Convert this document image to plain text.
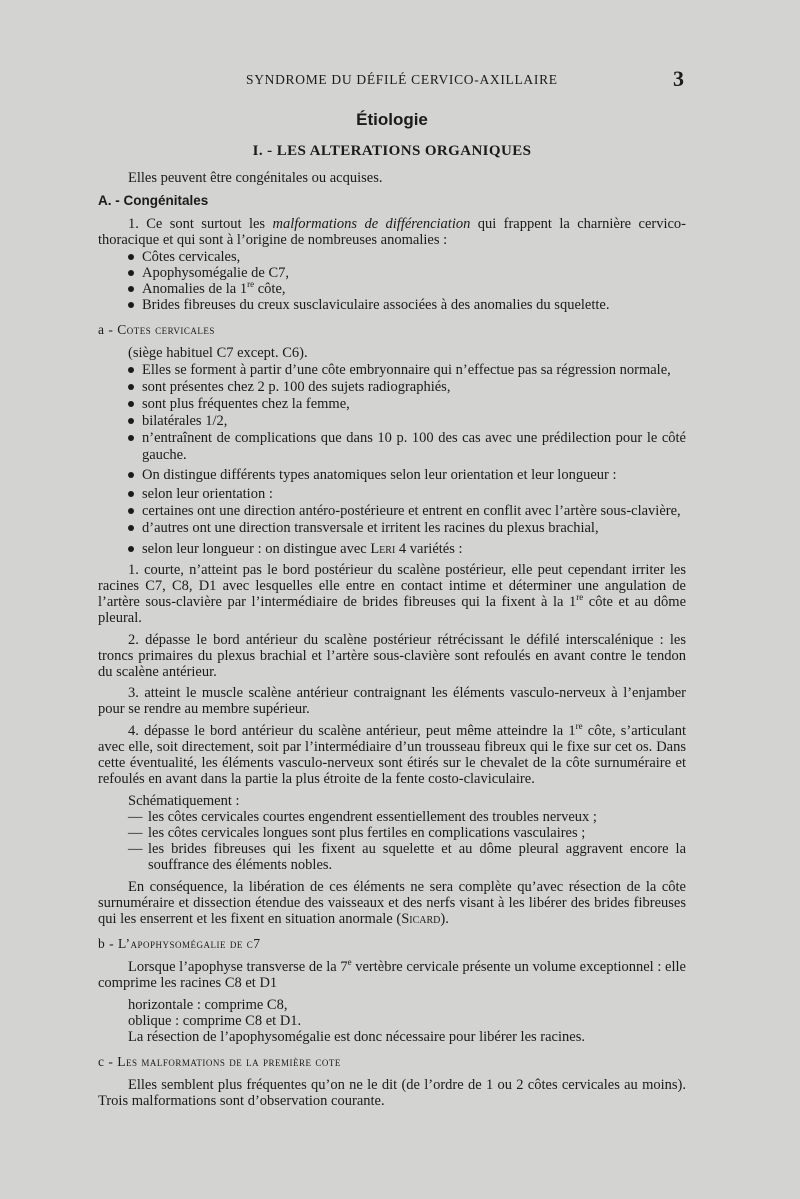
SYNDROME DU DÉFILÉ CERVICO-AXILLAIRE	3
Étiologie
I. - LES ALTERATIONS ORGANIQUES

Elles peuvent être congénitales ou acquises.

A. - Congénitales

1. Ce sont surtout les malformations de différenciation qui frappent la charnière cervico-thoracique et qui sont à l’origine de nombreuses anomalies :

Côtes cervicales,
Apophysomégalie de C7,
Anomalies de la 1re côte,
Brides fibreuses du creux susclaviculaire associées à des anomalies du squelette.
a - Cotes cervicales

(siège habituel C7 except. C6).

Elles se forment à partir d’une côte embryonnaire qui n’effectue pas sa régression normale,
sont présentes chez 2 p. 100 des sujets radiographiés,
sont plus fréquentes chez la femme,
bilatérales 1/2,
n’entraînent de complications que dans 10 p. 100 des cas avec une prédilection pour le côté gauche.
On distingue différents types anatomiques selon leur orientation et leur longueur :
selon leur orientation :
certaines ont une direction antéro-postérieure et entrent en conflit avec l’artère sous-clavière,
d’autres ont une direction transversale et irritent les racines du plexus brachial,
selon leur longueur : on distingue avec Leri 4 variétés :

1. courte, n’atteint pas le bord postérieur du scalène postérieur, elle peut cependant irriter les racines C7, C8, D1 avec lesquelles elle entre en contact intime et déterminer une angulation de l’artère sous-clavière par l’intermédiaire de brides fibreuses qui la fixent à la 1re côte et au dôme pleural.

2. dépasse le bord antérieur du scalène postérieur rétrécissant le défilé interscalénique : les troncs primaires du plexus brachial et l’artère sous-clavière sont refoulés en avant contre le tendon du scalène antérieur.

3. atteint le muscle scalène antérieur contraignant les éléments vasculo-nerveux à l’enjamber pour se rendre au membre supérieur.

4. dépasse le bord antérieur du scalène antérieur, peut même atteindre la 1re côte, s’articulant avec elle, soit directement, soit par l’intermédiaire d’un trousseau fibreux qui le fixe sur cet os. Dans cette éventualité, les éléments vasculo-nerveux sont étirés sur le chevalet de la côte surnuméraire et refoulés en avant dans la partie la plus étroite de la fente costo-claviculaire.

Schématiquement :

— les côtes cervicales courtes engendrent essentiellement des troubles nerveux ;
— les côtes cervicales longues sont plus fertiles en complications vasculaires ;
— les brides fibreuses qui les fixent au squelette et au dôme pleural aggravent encore la souffrance des éléments nobles.

En conséquence, la libération de ces éléments ne sera complète qu’avec résection de la côte surnuméraire et dissection étendue des vaisseaux et des nerfs visant à les libérer des brides fibreuses qui les enserrent et les fixent en situation anormale (Sicard).

b - L’apophysomégalie de c7

Lorsque l’apophyse transverse de la 7e vertèbre cervicale présente un volume exceptionnel : elle comprime les racines C8 et D1

horizontale : comprime C8,

oblique : comprime C8 et D1.

La résection de l’apophysomégalie est donc nécessaire pour libérer les racines.

c - Les malformations de la première cote

Elles semblent plus fréquentes qu’on ne le dit (de l’ordre de 1 ou 2 côtes cervicales au moins). Trois malformations sont d’observation courante.
